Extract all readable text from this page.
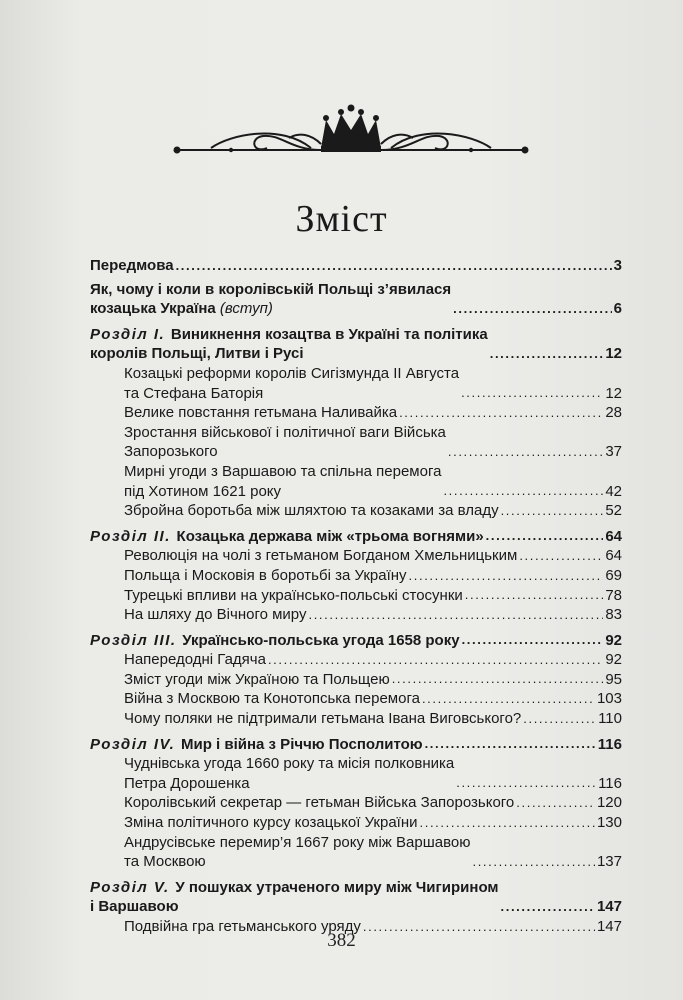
Зміст
Передмова . . .	3
Як, чому і коли в королівській Польщі з’явилася
козацька Україна (вступ) . . .	6
Розділ І. Виникнення козацтва в Україні та політика
королів Польщі, Литви і Русі . . .	12
Козацькі реформи королів Сигізмунда II Августа
та Стефана Баторія . . .	12
Велике повстання гетьмана Наливайка . . .	28
Зростання військової і політичної ваги Війська
Запорозького . . .	37
Мирні угоди з Варшавою та спільна перемога
під Хотином 1621 року . . .	42
Збройна боротьба між шляхтою та козаками за владу . . .	52
Розділ ІІ. Козацька держава між «трьома вогнями» . . .	64
Революція на чолі з гетьманом Богданом Хмельницьким . . .	64
Польща і Московія в боротьбі за Україну . . .	69
Турецькі впливи на українсько-польські стосунки . . .	78
На шляху до Вічного миру . . .	83
Розділ ІІІ. Українсько-польська угода 1658 року . . .	92
Напередодні Гадяча . . .	92
Зміст угоди між Україною та Польщею . . .	95
Війна з Москвою та Конотопська перемога . . .	103
Чому поляки не підтримали гетьмана Івана Виговського? . . .	110
Розділ IV. Мир і війна з Річчю Посполитою . . .	116
Чуднівська угода 1660 року та місія полковника
Петра Дорошенка . . .	116
Королівський секретар — гетьман Війська Запорозького . . .	120
Зміна політичного курсу козацької України . . .	130
Андрусівське перемир’я 1667 року між Варшавою
та Москвою . . .	137
Розділ V. У пошуках утраченого миру між Чигирином
і Варшавою . . .	147
Подвійна гра гетьманського уряду . . .	147
382
